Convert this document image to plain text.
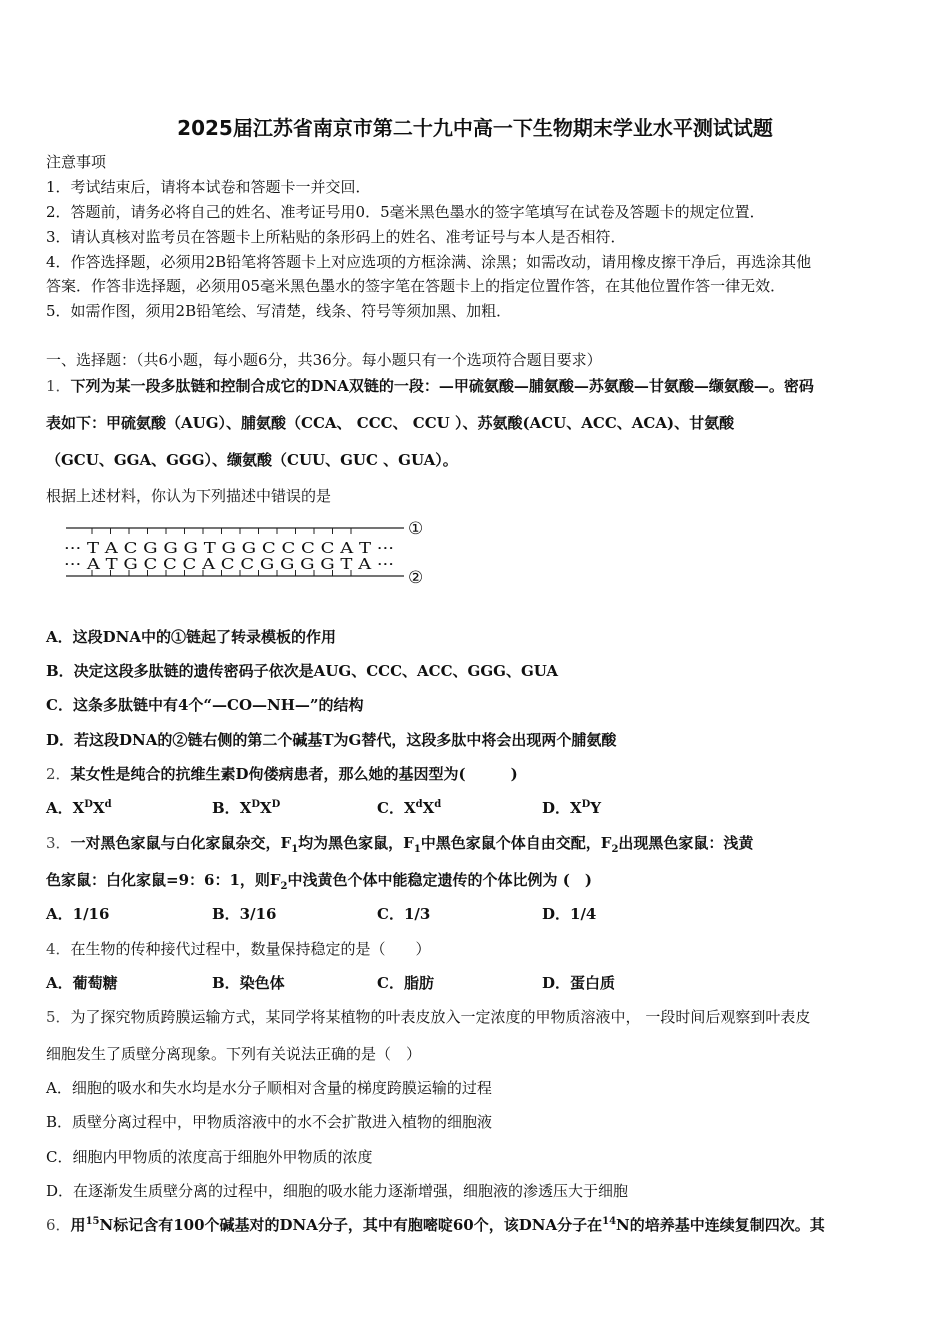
2025届江苏省南京市第二十九中高一下生物期末学业水平测试试题
注意事项
1．考试结束后，请将本试卷和答题卡一并交回．
2．答题前，请务必将自己的姓名、准考证号用0．5毫米黑色墨水的签字笔填写在试卷及答题卡的规定位置．
3．请认真核对监考员在答题卡上所粘贴的条形码上的姓名、准考证号与本人是否相符．
4．作答选择题，必须用2B铅笔将答题卡上对应选项的方框涂满、涂黑；如需改动，请用橡皮擦干净后，再选涂其他
答案．作答非选择题，必须用05毫米黑色墨水的签字笔在答题卡上的指定位置作答，在其他位置作答一律无效．
5．如需作图，须用2B铅笔绘、写清楚，线条、符号等须加黑、加粗．
一、选择题：（共6小题，每小题6分，共36分。每小题只有一个选项符合题目要求）
1．下列为某一段多肽链和控制合成它的DNA双链的一段：—甲硫氨酸—脯氨酸—苏氨酸—甘氨酸—缬氨酸—。密码
表如下：甲硫氨酸（AUG）、脯氨酸（CCA、 CCC、 CCU ）、苏氨酸(ACU、ACC、ACA)、甘氨酸
（GCU、GGA、GGG）、缬氨酸（CUU、GUC 、GUA）。
根据上述材料，你认为下列描述中错误的是
①
②
··· T A C G G G T G G C C C C A T ···
··· A T G C C C A C C G G G G T A ···
A．这段DNA中的①链起了转录模板的作用
B．决定这段多肽链的遗传密码子依次是AUG、CCC、ACC、GGG、GUA
C．这条多肽链中有4个“—CO—NH—”的结构
D．若这段DNA的②链右侧的第二个碱基T为G替代，这段多肽中将会出现两个脯氨酸
2．某女性是纯合的抗维生素D佝偻病患者，那么她的基因型为(　　　)
A．$X^DX^d$	B．$X^DX^D$	C．$X^dX^d$	D．$X^DY$
3．一对黑色家鼠与白化家鼠杂交，$F_1$均为黑色家鼠，$F_1$中黑色家鼠个体自由交配，$F_2$出现黑色家鼠：浅黄
色家鼠：白化家鼠=9：6：1，则$F_2$中浅黄色个体中能稳定遗传的个体比例为 (　)
A．1/16	B．3/16	C．1/3	D．1/4
4．在生物的传种接代过程中，数量保持稳定的是（　　）
A．葡萄糖	B．染色体	C．脂肪	D．蛋白质
5．为了探究物质跨膜运输方式，某同学将某植物的叶表皮放入一定浓度的甲物质溶液中， 一段时间后观察到叶表皮
细胞发生了质壁分离现象。下列有关说法正确的是（　）
A．细胞的吸水和失水均是水分子顺相对含量的梯度跨膜运输的过程
B．质壁分离过程中，甲物质溶液中的水不会扩散进入植物的细胞液
C．细胞内甲物质的浓度高于细胞外甲物质的浓度
D．在逐渐发生质壁分离的过程中，细胞的吸水能力逐渐增强，细胞液的渗透压大于细胞
6．用$^{15}$N标记含有100个碱基对的DNA分子，其中有胞嘧啶60个，该DNA分子在$^{14}$N的培养基中连续复制四次。其
